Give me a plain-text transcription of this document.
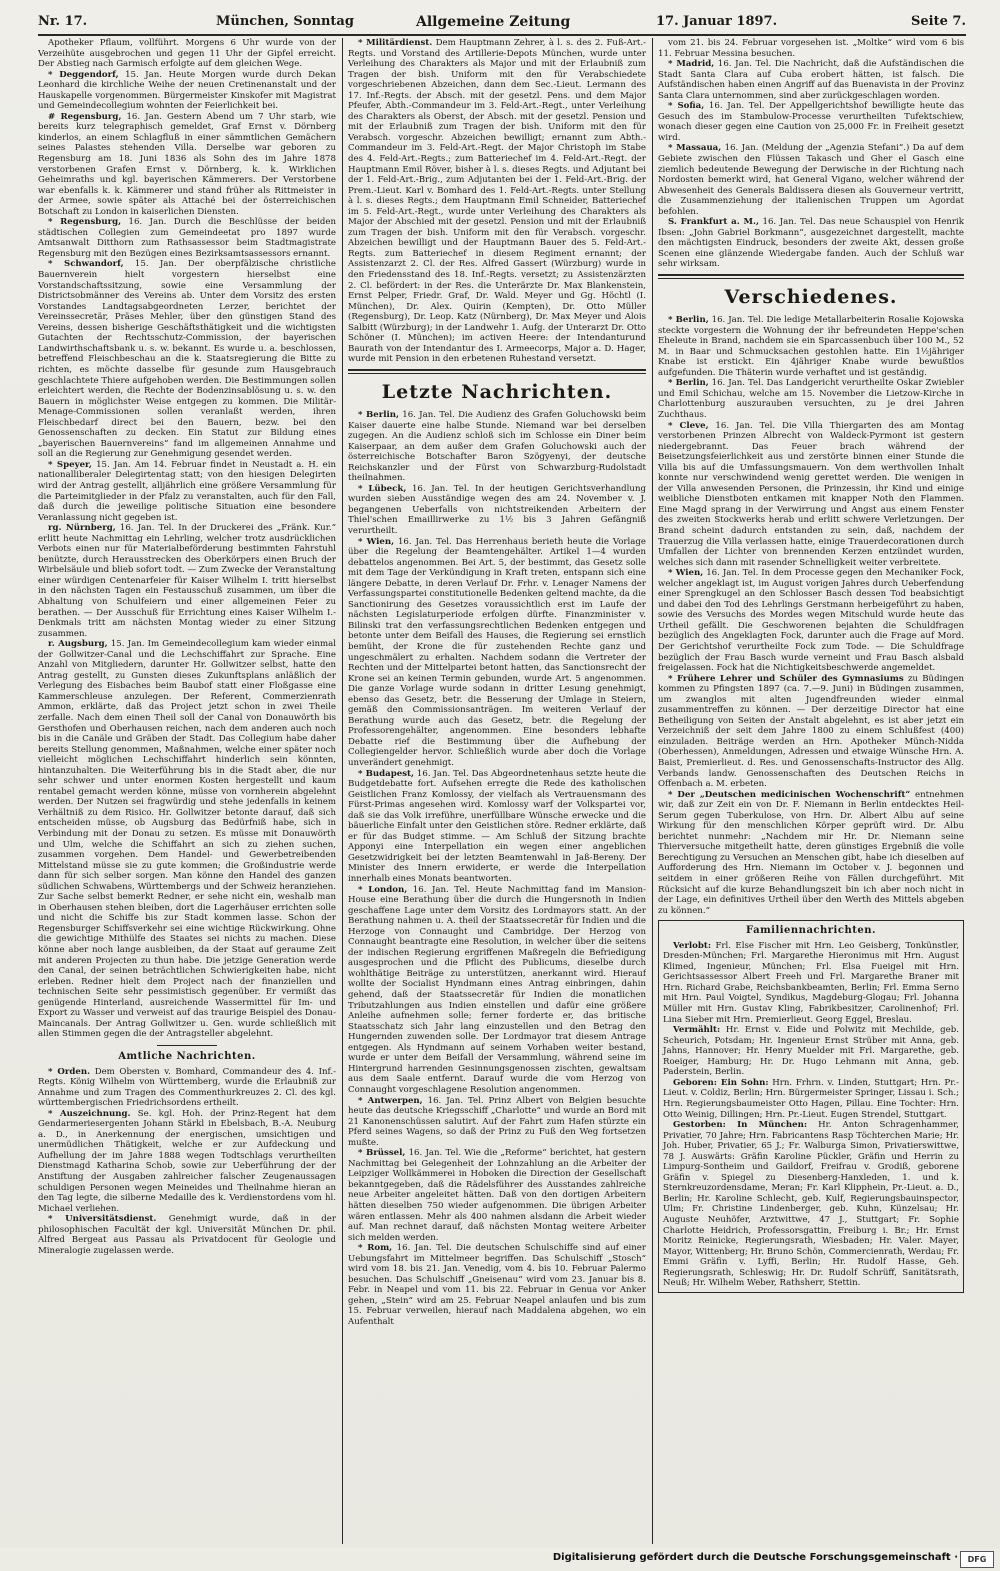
Nr. 17.	München, Sonntag	Allgemeine Zeitung	17. Januar 1897.	Seite 7.

Apotheker Pflaum, vollführt. Morgens 6 Uhr wurde von der Verzeihüte ausgebrochen und gegen 11 Uhr der Gipfel erreicht. Der Abstieg nach Garmisch erfolgte auf dem gleichen Wege.

* Deggendorf, 15. Jan. Heute Morgen wurde durch Dekan Leonhard die kirchliche Weihe der neuen Cretinenanstalt und der Hauskapelle vorgenommen. Bürgermeister Kinskofer mit Magistrat und Gemeindecollegium wohnten der Feierlichkeit bei.

# Regensburg, 16. Jan. Gestern Abend um 7 Uhr starb, wie bereits kurz telegraphisch gemeldet, Graf Ernst v. Dörnberg kinderlos, an einem Schlagfluß in einer sämmtlichen Gemächern seines Palastes stehenden Villa. Derselbe war geboren zu Regensburg am 18. Juni 1836 als Sohn des im Jahre 1878 verstorbenen Grafen Ernst v. Dörnberg, k. k. Wirklichen Geheimraths und kgl. bayerischen Kämmerers. Der Verstorbene war ebenfalls k. k. Kämmerer und stand früher als Rittmeister in der Armee, sowie später als Attaché bei der österreichischen Botschaft zu London in kaiserlichen Diensten.

* Regensburg, 16. Jan. Durch die Beschlüsse der beiden städtischen Collegien zum Gemeindeetat pro 1897 wurde Amtsanwalt Ditthorn zum Rathsassessor beim Stadtmagistrate Regensburg mit den Bezügen eines Bezirksamtsassessors ernannt.

* Schwandorf, 15. Jan. Der oberpfälzische christliche Bauernverein hielt vorgestern hierselbst eine Vorstandschaftssitzung, sowie eine Versammlung der Districtsobmänner des Vereins ab. Unter dem Vorsitz des ersten Vorstandes Landtagsabgeordneten Lerzer, berichtet der Vereinssecretär, Präses Mehler, über den günstigen Stand des Vereins, dessen bisherige Geschäftsthätigkeit und die wichtigsten Gutachten der Rechtsschutz-Commission, der bayerischen Landwirthschaftsbank u. s. w. bekannt. Es wurde u. a. beschlossen, betreffend Fleischbeschau an die k. Staatsregierung die Bitte zu richten, es möchte dasselbe für gesunde zum Hausgebrauch geschlachtete Thiere aufgehoben werden. Die Bestimmungen sollen erleichtert werden, die Rechte der Bodenzinsablösung u. s. w. den Bauern in möglichster Weise entgegen zu kommen. Die Militär-Menage-Commissionen sollen veranlaßt werden, ihren Fleischbedarf direct bei den Bauern, bezw. bei den Genossenschaften zu decken. Ein Statut zur Bildung eines „bayerischen Bauernvereins“ fand im allgemeinen Annahme und soll an die Regierung zur Genehmigung gesendet werden.

* Speyer, 15. Jan. Am 14. Februar findet in Neustadt a. H. ein nationalliberaler Delegirtentag statt; von den hiesigen Delegirten wird der Antrag gestellt, alljährlich eine größere Versammlung für die Parteimitglieder in der Pfalz zu veranstalten, auch für den Fall, daß durch die jeweilige politische Situation eine besondere Veranlassung nicht gegeben ist.

rg. Nürnberg, 16. Jan. Tel. In der Druckerei des „Fränk. Kur.“ erlitt heute Nachmittag ein Lehrling, welcher trotz ausdrücklichen Verbots einen nur für Materialbeförderung bestimmten Fahrstuhl benützte, durch Herausstrecken des Oberkörpers einen Bruch der Wirbelsäule und blieb sofort todt. — Zum Zwecke der Veranstaltung einer würdigen Centenarfeier für Kaiser Wilhelm I. tritt hierselbst in den nächsten Tagen ein Festausschuß zusammen, um über die Abhaltung von Schulfeiern und einer allgemeinen Feier zu berathen. — Der Ausschuß für Errichtung eines Kaiser Wilhelm I.-Denkmals tritt am nächsten Montag wieder zu einer Sitzung zusammen.

r. Augsburg, 15. Jan. Im Gemeindecollegium kam wieder einmal der Gollwitzer-Canal und die Lechschiffahrt zur Sprache. Eine Anzahl von Mitgliedern, darunter Hr. Gollwitzer selbst, hatte den Antrag gestellt, zu Gunsten dieses Zukunftsplans anläßlich der Verlegung des Eisbaches beim Baubof statt einer Floßgasse eine Kammerschleuse anzulegen. Der Referent, Commerzienrath Ammon, erklärte, daß das Project jetzt schon in zwei Theile zerfalle. Nach dem einen Theil soll der Canal von Donauwörth bis Gersthofen und Oberhausen reichen, nach dem anderen auch noch bis in die Canäle und Gräben der Stadt. Das Collegium habe daher bereits Stellung genommen, Maßnahmen, welche einer später noch vielleicht möglichen Lechschiffahrt hinderlich sein könnten, hintanzuhalten. Die Weiterführung bis in die Stadt aber, die nur sehr schwer und unter enormen Kosten hergestellt und kaum rentabel gemacht werden könne, müsse von vornherein abgelehnt werden. Der Nutzen sei fragwürdig und stehe jedenfalls in keinem Verhältniß zu dem Risico. Hr. Gollwitzer betonte darauf, daß sich entscheiden müsse, ob Augsburg das Bedürfniß habe, sich in Verbindung mit der Donau zu setzen. Es müsse mit Donauwörth und Ulm, welche die Schiffahrt an sich zu ziehen suchen, zusammen vorgehen. Dem Handel- und Gewerbetreibenden Mittelstand müsse sie zu gute kommen; die Großindustrie werde dann für sich selber sorgen. Man könne den Handel des ganzen südlichen Schwabens, Württembergs und der Schweiz heranziehen. Zur Sache selbst bemerkt Redner, er sehe nicht ein, weshalb man in Oberhausen stehen bleiben, dort die Lagerhäuser errichten solle und nicht die Schiffe bis zur Stadt kommen lasse. Schon der Regensburger Schiffsverkehr sei eine wichtige Rückwirkung. Ohne die gewichtige Mithülfe des Staates sei nichts zu machen. Diese könne aber noch lange ausbleiben, da der Staat auf geraume Zeit mit anderen Projecten zu thun habe. Die jetzige Generation werde den Canal, der seinen beträchtlichen Schwierigkeiten habe, nicht erleben. Redner hielt dem Project nach der finanziellen und technischen Seite sehr pessimistisch gegenüber. Er vermißt das genügende Hinterland, ausreichende Wassermittel für Im- und Export zu Wasser und verweist auf das traurige Beispiel des Donau-Maincanals. Der Antrag Gollwitzer u. Gen. wurde schließlich mit allen Stimmen gegen die der Antragsteller abgelehnt.

Amtliche Nachrichten.

* Orden. Dem Obersten v. Bomhard, Commandeur des 4. Inf.-Regts. König Wilhelm von Württemberg, wurde die Erlaubniß zur Annahme und zum Tragen des Commenthurkreuzes 2. Cl. des kgl. württembergischen Friedrichsordens ertheilt.

* Auszeichnung. Se. kgl. Hoh. der Prinz-Regent hat dem Gendarmeriesergenten Johann Stärkl in Ebelsbach, B.-A. Neuburg a. D., in Anerkennung der energischen, umsichtigen und unermüdlichen Thätigkeit, welche er zur Aufdeckung und Aufhellung der im Jahre 1888 wegen Todtschlags verurtheilten Dienstmagd Katharina Schob, sowie zur Ueberführung der der Anstiftung der Ausgaben zahlreicher falscher Zeugenaussagen schuldigen Personen wegen Meineides und Theilnahme hieran an den Tag legte, die silberne Medaille des k. Verdienstordens vom hl. Michael verliehen.

* Universitätsdienst. Genehmigt wurde, daß in der philosophischen Facultät der kgl. Universität München Dr. phil. Alfred Bergeat aus Passau als Privatdocent für Geologie und Mineralogie zugelassen werde.

* Militärdienst. Dem Hauptmann Zehrer, à l. s. des 2. Fuß-Art.-Regts. und Vorstand des Artillerie-Depots München, wurde unter Verleihung des Charakters als Major und mit der Erlaubniß zum Tragen der bish. Uniform mit den für Verabschiedete vorgeschriebenen Abzeichen, dann dem Sec.-Lieut. Lermann des 17. Inf.-Regts. der Absch. mit der gesetzl. Pens. und dem Major Pfeufer, Abth.-Commandeur im 3. Feld-Art.-Regt., unter Verleihung des Charakters als Oberst, der Absch. mit der gesetzl. Pension und mit der Erlaubniß zum Tragen der bish. Uniform mit den für Verabsch. vorgeschr. Abzeichen bewilligt; ernannt zum Abth.-Commandeur im 3. Feld-Art.-Regt. der Major Christoph im Stabe des 4. Feld-Art.-Regts.; zum Batteriechef im 4. Feld-Art.-Regt. der Hauptmann Emil Röver, bisher à l. s. dieses Regts. und Adjutant bei der 1. Feld-Art.-Brig., zum Adjutanten bei der 1. Feld-Art.-Brig. der Prem.-Lieut. Karl v. Bomhard des 1. Feld-Art.-Regts. unter Stellung à l. s. dieses Regts.; dem Hauptmann Emil Schneider, Batteriechef im 5. Feld-Art.-Regt., wurde unter Verleihung des Charakters als Major der Abschied mit der gesetzl. Pension und mit der Erlaubniß zum Tragen der bish. Uniform mit den für Verabsch. vorgeschr. Abzeichen bewilligt und der Hauptmann Bauer des 5. Feld-Art.-Regts. zum Batteriechef in diesem Regiment ernannt; der Assistenzarzt 2. Cl. der Res. Alfred Gassert (Würzburg) wurde in den Friedensstand des 18. Inf.-Regts. versetzt; zu Assistenzärzten 2. Cl. befördert: in der Res. die Unterärzte Dr. Max Blankenstein, Ernst Pelper, Friedr. Graf, Dr. Wald. Meyer und Gg. Höchtl (I. München), Dr. Alex. Quirin (Kempten), Dr. Otto Müller (Regensburg), Dr. Leop. Katz (Nürnberg), Dr. Max Meyer und Alois Salbitt (Würzburg); in der Landwehr 1. Aufg. der Unterarzt Dr. Otto Schöner (I. München); im activen Heere: der Intendanturund Baurath von der Intendantur des I. Armeecorps, Major a. D. Hager, wurde mit Pension in den erbetenen Ruhestand versetzt.

Letzte Nachrichten.

* Berlin, 16. Jan. Tel. Die Audienz des Grafen Goluchowski beim Kaiser dauerte eine halbe Stunde. Niemand war bei derselben zugegen. An die Audienz schloß sich im Schlosse ein Diner beim Kaiserpaar, an dem außer dem Grafen Goluchowski auch der österreichische Botschafter Baron Szögyenyi, der deutsche Reichskanzler und der Fürst von Schwarzburg-Rudolstadt theilnahmen.

* Lübeck, 16. Jan. Tel. In der heutigen Gerichtsverhandlung wurden sieben Ausständige wegen des am 24. November v. J. begangenen Ueberfalls von nichtstreikenden Arbeitern der Thiel'schen Emaillirwerke zu 1½ bis 3 Jahren Gefängniß verurtheilt.

* Wien, 16. Jan. Tel. Das Herrenhaus berieth heute die Vorlage über die Regelung der Beamtengehälter. Artikel 1—4 wurden debattelos angenommen. Bei Art. 5, der bestimmt, das Gesetz solle mit dem Tage der Verkündigung in Kraft treten, entspann sich eine längere Debatte, in deren Verlauf Dr. Frhr. v. Lenager Namens der Verfassungspartei constitutionelle Bedenken geltend machte, da die Sanctionirung des Gesetzes voraussichtlich erst im Laufe der nächsten Legislaturperiode erfolgen dürfte. Finanzminister v. Bilinski trat den verfassungsrechtlichen Bedenken entgegen und betonte unter dem Beifall des Hauses, die Regierung sei ernstlich bemüht, der Krone die für zustehenden Rechte ganz und ungeschmälert zu erhalten. Nachdem sodann die Vertreter der Rechten und der Mittelpartei betont hatten, das Sanctionsrecht der Krone sei an keinen Termin gebunden, wurde Art. 5 angenommen. Die ganze Vorlage wurde sodann in dritter Lesung genehmigt, ebenso das Gesetz, betr. die Besserung der Umlage in Steiern, gemäß den Commissionsanträgen. Im weiteren Verlauf der Berathung wurde auch das Gesetz, betr. die Regelung der Professorengehälter, angenommen. Eine besonders lebhafte Debatte rief die Bestimmung über die Aufhebung der Collegiengelder hervor. Schließlich wurde aber doch die Vorlage unverändert genehmigt.

* Budapest, 16. Jan. Tel. Das Abgeordnetenhaus setzte heute die Budgetdebatte fort. Aufsehen erregte die Rede des katholischen Geistlichen Franz Komlossy, der vielfach als Vertrauensmann des Fürst-Primas angesehen wird. Komlossy warf der Volkspartei vor, daß sie das Volk irreführe, unerfüllbare Wünsche erwecke und die bäuerliche Einfalt unter den Geistlichen störe. Redner erklärte, daß er für das Budget stimme. — Am Schluß der Sitzung brachte Apponyi eine Interpellation ein wegen einer angeblichen Gesetzwidrigkeit bei der letzten Beamtenwahl in Jaß-Bereny. Der Minister des Innern erwiderte, er werde die Interpellation innerhalb eines Monats beantworten.

* London, 16. Jan. Tel. Heute Nachmittag fand im Mansion-House eine Berathung über die durch die Hungersnoth in Indien geschaffene Lage unter dem Vorsitz des Lordmayors statt. An der Berathung nahmen u. A. theil der Staatssecretär für Indien und die Herzoge von Connaught und Cambridge. Der Herzog von Connaught beantragte eine Resolution, in welcher über die seitens der indischen Regierung ergriffenen Maßregeln die Befriedigung ausgesprochen und die Pflicht des Publicums, dieselbe durch wohlthätige Beiträge zu unterstützen, anerkannt wird. Hierauf wollte der Socialist Hyndmann eines Antrag einbringen, dahin gehend, daß der Staatssecretär für Indien die monatlichen Tributzahlungen aus Indien einstellen und dafür eine größere Anleihe aufnehmen solle; ferner forderte er, das britische Staatsschatz sich Jahr lang einzustellen und den Betrag den Hungernden zuwenden solle. Der Lordmayor trat diesem Antrage entgegen. Als Hyndmann auf seinem Vorhaben weiter bestand, wurde er unter dem Beifall der Versammlung, während seine im Hintergrund harrenden Gesinnungsgenossen zischten, gewaltsam aus dem Saale entfernt. Darauf wurde die vom Herzog von Connaught vorgeschlagene Resolution angenommen.

* Antwerpen, 16. Jan. Tel. Prinz Albert von Belgien besuchte heute das deutsche Kriegsschiff „Charlotte“ und wurde an Bord mit 21 Kanonenschüssen salutirt. Auf der Fahrt zum Hafen stürzte ein Pferd seines Wagens, so daß der Prinz zu Fuß den Weg fortsetzen mußte.

* Brüssel, 16. Jan. Tel. Wie die „Reforme“ berichtet, hat gestern Nachmittag bei Gelegenheit der Lohnzahlung an die Arbeiter der Leipziger Wollkämmerei in Hoboken die Direction der Gesellschaft bekanntgegeben, daß die Rädelsführer des Ausstandes zahlreiche neue Arbeiter angeleitet hätten. Daß von den dortigen Arbeitern hätten dieselben 750 wieder aufgenommen. Die übrigen Arbeiter wären entlassen. Mehr als 400 nahmen alsdann die Arbeit wieder auf. Man rechnet darauf, daß nächsten Montag weitere Arbeiter sich melden werden.

* Rom, 16. Jan. Tel. Die deutschen Schulschiffe sind auf einer Uebungsfahrt im Mittelmeer begriffen. Das Schulschiff „Stosch“ wird vom 18. bis 21. Jan. Venedig, vom 4. bis 10. Februar Palermo besuchen. Das Schulschiff „Gneisenau“ wird vom 23. Januar bis 8. Febr. in Neapel und vom 11. bis 22. Februar in Genua vor Anker gehen, „Stein“ wird am 25. Februar Neapel anlaufen und bis zum 15. Februar verweilen, hierauf nach Maddalena abgehen, wo ein Aufenthalt

vom 21. bis 24. Februar vorgesehen ist. „Moltke“ wird vom 6 bis 11. Februar Messina besuchen.

* Madrid, 16. Jan. Tel. Die Nachricht, daß die Aufständischen die Stadt Santa Clara auf Cuba erobert hätten, ist falsch. Die Aufständischen haben einen Angriff auf das Buenavista in der Provinz Santa Clara unternommen, sind aber zurückgeschlagen worden.

* Sofia, 16. Jan. Tel. Der Appellgerichtshof bewilligte heute das Gesuch des im Stambulow-Processe verurtheilten Tufektschiew, wonach dieser gegen eine Caution von 25,000 Fr. in Freiheit gesetzt wird.

* Massaua, 16. Jan. (Meldung der „Agenzia Stefani“.) Da auf dem Gebiete zwischen den Flüssen Takasch und Gher el Gasch eine ziemlich bedeutende Bewegung der Derwische in der Richtung nach Nordosten bemerkt wird, hat General Vigano, welcher während der Abwesenheit des Generals Baldissera diesen als Gouverneur vertritt, die Zusammenziehung der italienischen Truppen um Agordat befohlen.

S. Frankfurt a. M., 16. Jan. Tel. Das neue Schauspiel von Henrik Ibsen: „John Gabriel Borkmann“, ausgezeichnet dargestellt, machte den mächtigsten Eindruck, besonders der zweite Akt, dessen große Scenen eine glänzende Wiedergabe fanden. Auch der Schluß war sehr wirksam.

Verschiedenes.

* Berlin, 16. Jan. Tel. Die ledige Metallarbeiterin Rosalie Kojowska steckte vorgestern die Wohnung der ihr befreundeten Heppe'schen Eheleute in Brand, nachdem sie ein Sparcassenbuch über 100 M., 52 M. in Baar und Schmucksachen gestohlen hatte. Ein 1½jähriger Knabe ist erstickt. Ein 4jähriger Knabe wurde bewußtlos aufgefunden. Die Thäterin wurde verhaftet und ist geständig.

* Berlin, 16. Jan. Tel. Das Landgericht verurtheilte Oskar Zwiebler und Emil Schichau, welche am 15. November die Lietzow-Kirche in Charlottenburg auszurauben versuchten, zu je drei Jahren Zuchthaus.

* Cleve, 16. Jan. Tel. Die Villa Thiergarten des am Montag verstorbenen Prinzen Albrecht von Waldeck-Pyrmont ist gestern niedergebrannt. Das Feuer brach während der Beisetzungsfeierlichkeit aus und zerstörte binnen einer Stunde die Villa bis auf die Umfassungsmauern. Von dem werthvollen Inhalt konnte nur verschwindend wenig gerettet werden. Die wenigen in der Villa anwesenden Personen, die Prinzessin, ihr Kind und einige weibliche Dienstboten entkamen mit knapper Noth den Flammen. Eine Magd sprang in der Verwirrung und Angst aus einem Fenster des zweiten Stockwerks herab und erlitt schwere Verletzungen. Der Brand scheint dadurch entstanden zu sein, daß, nachdem der Trauerzug die Villa verlassen hatte, einige Trauerdecorationen durch Umfallen der Lichter von brennenden Kerzen entzündet wurden, welches sich dann mit rasender Schnelligkeit weiter verbreitete.

* Wien, 16. Jan. Tel. In dem Processe gegen den Mechaniker Fock, welcher angeklagt ist, im August vorigen Jahres durch Ueberfendung einer Sprengkugel an den Schlosser Basch dessen Tod beabsichtigt und dabei den Tod des Lehrlings Gerstmann herbeigeführt zu haben, sowie des Versuchs des Mordes wegen Mitschuld wurde heute das Urtheil gefällt. Die Geschworenen bejahten die Schuldfragen bezüglich des Angeklagten Fock, darunter auch die Frage auf Mord. Der Gerichtshof verurtheilte Fock zum Tode. — Die Schuldfrage bezüglich der Frau Basch wurde verneint und Frau Basch alsbald freigelassen. Fock hat die Nichtigkeitsbeschwerde angemeldet.

* Frühere Lehrer und Schüler des Gymnasiums zu Büdingen kommen zu Pfingsten 1897 (ca. 7.—9. Juni) in Büdingen zusammen, um zwanglos mit alten Jugendfreunden wieder einmal zusammentreffen zu können. — Der derzeitige Director hat eine Betheiligung von Seiten der Anstalt abgelehnt, es ist aber jetzt ein Verzeichniß der seit dem Jahre 1800 zu einem Schlußfest (400) einzuladen. Beiträge werden an Hrn. Apotheker Münch-Nidda (Oberhessen), Anmeldungen, Adressen und etwaige Wünsche Hrn. A. Baist, Premierlieut. d. Res. und Genossenschafts-Instructor des Allg. Verbands landw. Genossenschaften des Deutschen Reichs in Offenbach a. M. erbeten.

* Der „Deutschen medicinischen Wochenschrift“ entnehmen wir, daß zur Zeit ein von Dr. F. Niemann in Berlin entdecktes Heil-Serum gegen Tuberkulose, von Hrn. Dr. Albert Albu auf seine Wirkung für den menschlichen Körper geprüft wird. Dr. Albu berichtet nunmehr: „Nachdem mir Hr. Dr. Niemann seine Thierversuche mitgetheilt hatte, deren günstiges Ergebniß die volle Berechtigung zu Versuchen an Menschen gibt, habe ich dieselben auf Aufforderung des Hrn. Niemann im October v. J. begonnen und seitdem in einer größeren Reihe von Fällen durchgeführt. Mit Rücksicht auf die kurze Behandlungszeit bin ich aber noch nicht in der Lage, ein definitives Urtheil über den Werth des Mittels abgeben zu können.“

Familiennachrichten.

Verlobt: Frl. Else Fischer mit Hrn. Leo Geisberg, Tonkünstler, Dresden-München; Frl. Margarethe Hieronimus mit Hrn. August Klimed, Ingenieur, München; Frl. Elsa Fueigel mit Hrn. Gerichtsassessor Albert Freeh und Frl. Margarethe Braner mit Hrn. Richard Grabe, Reichsbankbeamten, Berlin; Frl. Emma Serno mit Hrn. Paul Voigtel, Syndikus, Magdeburg-Glogau; Frl. Johanna Müller mit Hrn. Gustav Kling, Fabrikbesitzer, Carolinenhof; Frl. Lina Sieber mit Hrn. Premierlieut. Georg Eggel, Breslau.

Vermählt: Hr. Ernst v. Eide und Polwitz mit Mechilde, geb. Scheurich, Potsdam; Hr. Ingenieur Ernst Strüber mit Anna, geb. Jahns, Hannover; Hr. Henry Muelder mit Frl. Margarethe, geb. Roeiger, Hamburg; Hr. Dr. Hugo Lehmann mit Anna, geb. Paderstein, Berlin.

Geboren: Ein Sohn: Hrn. Frhrn. v. Linden, Stuttgart; Hrn. Pr.-Lieut. v. Coldiz, Berlin; Hrn. Bürgermeister Springer, Lissau i. Sch.; Hrn. Regierungsbaumeister Otto Hagen, Pillau. Eine Tochter: Hrn. Otto Weinig, Dillingen; Hrn. Pr.-Lieut. Eugen Strendel, Stuttgart.

Gestorben: In München: Hr. Anton Schragenhammer, Privatier, 70 Jahre; Hrn. Fabricantens Rasp Töchterchen Marie; Hr. Joh. Huber, Privatier, 65 J.; Fr. Walburga Simon, Privatierswittwe, 78 J. Auswärts: Gräfin Karoline Pückler, Gräfin und Herrin zu Limpurg-Sontheim und Gaildorf, Freifrau v. Grodiß, geborene Gräfin v. Spiegel zu Diesenberg-Hanxleden, 1. und k. Sternkreuzordensdame, Meran; Fr. Karl Klipphein, Pr.-Lieut. a. D., Berlin; Hr. Karoline Schlecht, geb. Kulf, Regierungsbauinspector, Ulm; Fr. Christine Lindenberger, geb. Kuhn, Künzelsau; Hr. Auguste Neuhöfer, Arztwittwe, 47 J., Stuttgart; Fr. Sophie Charlotte Heidrich, Professorsgattin, Freiburg i. Br.; Hr. Ernst Moritz Reinicke, Regierungsrath, Wiesbaden; Hr. Valer. Mayer, Mayor, Wittenberg; Hr. Bruno Schön, Commercienrath, Werdau; Fr. Emmi Gräfin v. Lyffi, Berlin; Hr. Rudolf Hasse, Geh. Regierungsrath, Schleswig; Hr. Dr. Rudolf Schrüff, Sanitätsrath, Neuß; Hr. Wilhelm Weber, Rathsherr, Stettin.

Digitalisierung gefördert durch die Deutsche Forschungsgemeinschaft ·	DFG
